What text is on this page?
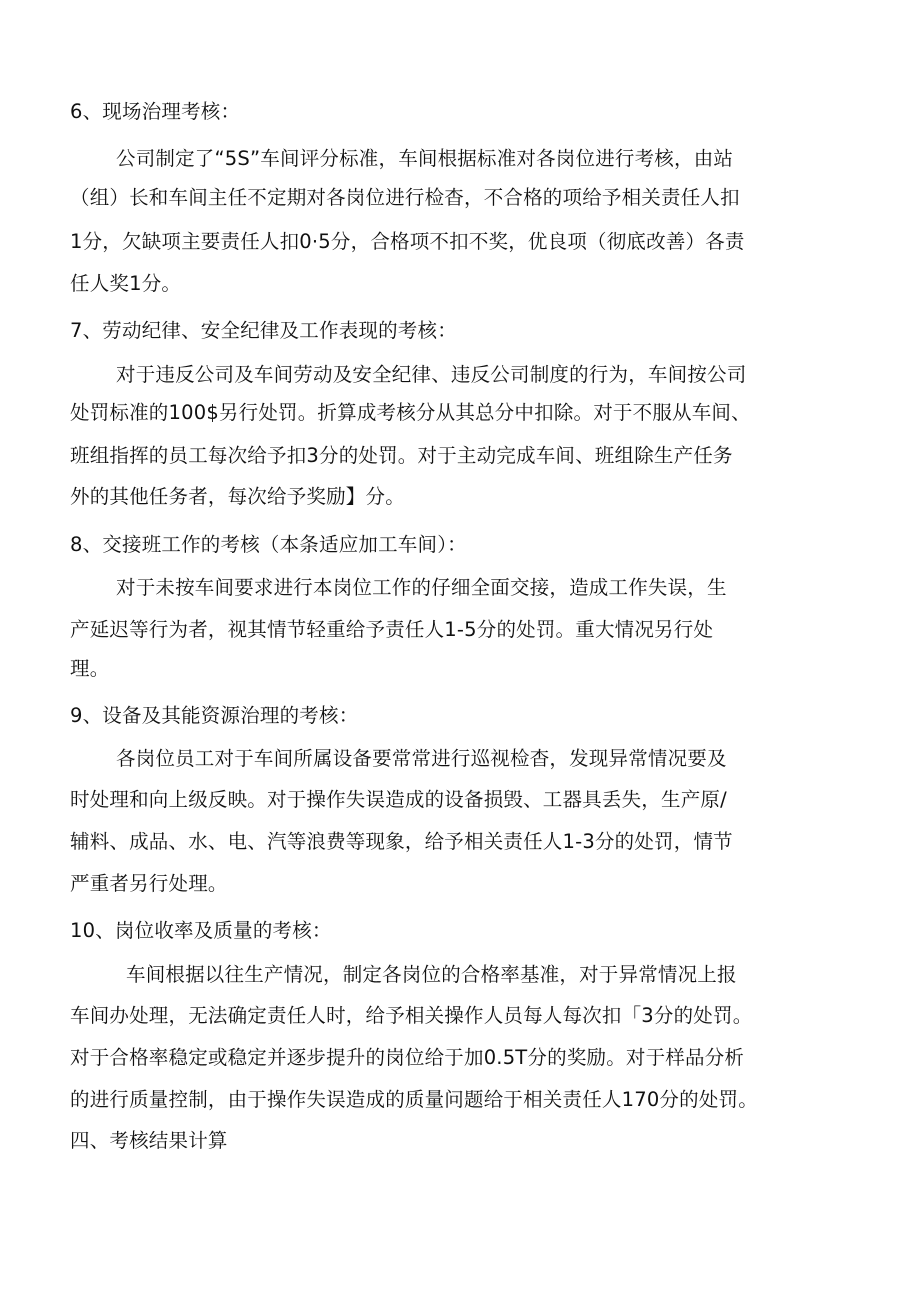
6、现场治理考核：
公司制定了“5S”车间评分标准，车间根据标准对各岗位进行考核，由站
（组）长和车间主任不定期对各岗位进行检杳，不合格的项给予相关责任人扣
1分，欠缺项主要责任人扣0·5分，合格项不扣不奖，优良项（彻底改善）各责
任人奖1分。
7、劳动纪律、安全纪律及工作表现的考核：
对于违反公司及车间劳动及安全纪律、违反公司制度的行为，车间按公司
处罚标准的100$另行处罚。折算成考核分从其总分中扣除。对于不服从车间、
班组指挥的员工每次给予扣3分的处罚。对于主动完成车间、班组除生产任务
外的其他任务者，每次给予奖励】分。
8、交接班工作的考核（本条适应加工车间）：
对于未按车间要求进行本岗位工作的仔细全面交接，造成工作失误，生
产延迟等行为者，视其情节轻重给予责任人1-5分的处罚。重大情况另行处
理。
9、设备及其能资源治理的考核：
各岗位员工对于车间所属设备要常常进行巡视检杳，发现异常情况要及
时处理和向上级反映。对于操作失误造成的设备损毁、工器具丢失，生产原/
辅料、成品、水、电、汽等浪费等现象，给予相关责任人1-3分的处罚，情节
严重者另行处理。
10、岗位收率及质量的考核：
车间根据以往生产情况，制定各岗位的合格率基准，对于异常情况上报
车间办处理，无法确定责任人时，给予相关操作人员每人每次扣「3分的处罚。
对于合格率稳定或稳定并逐步提升的岗位给于加0.5T分的奖励。对于样品分析
的进行质量控制，由于操作失误造成的质量问题给于相关责任人170分的处罚。
四、考核结果计算
